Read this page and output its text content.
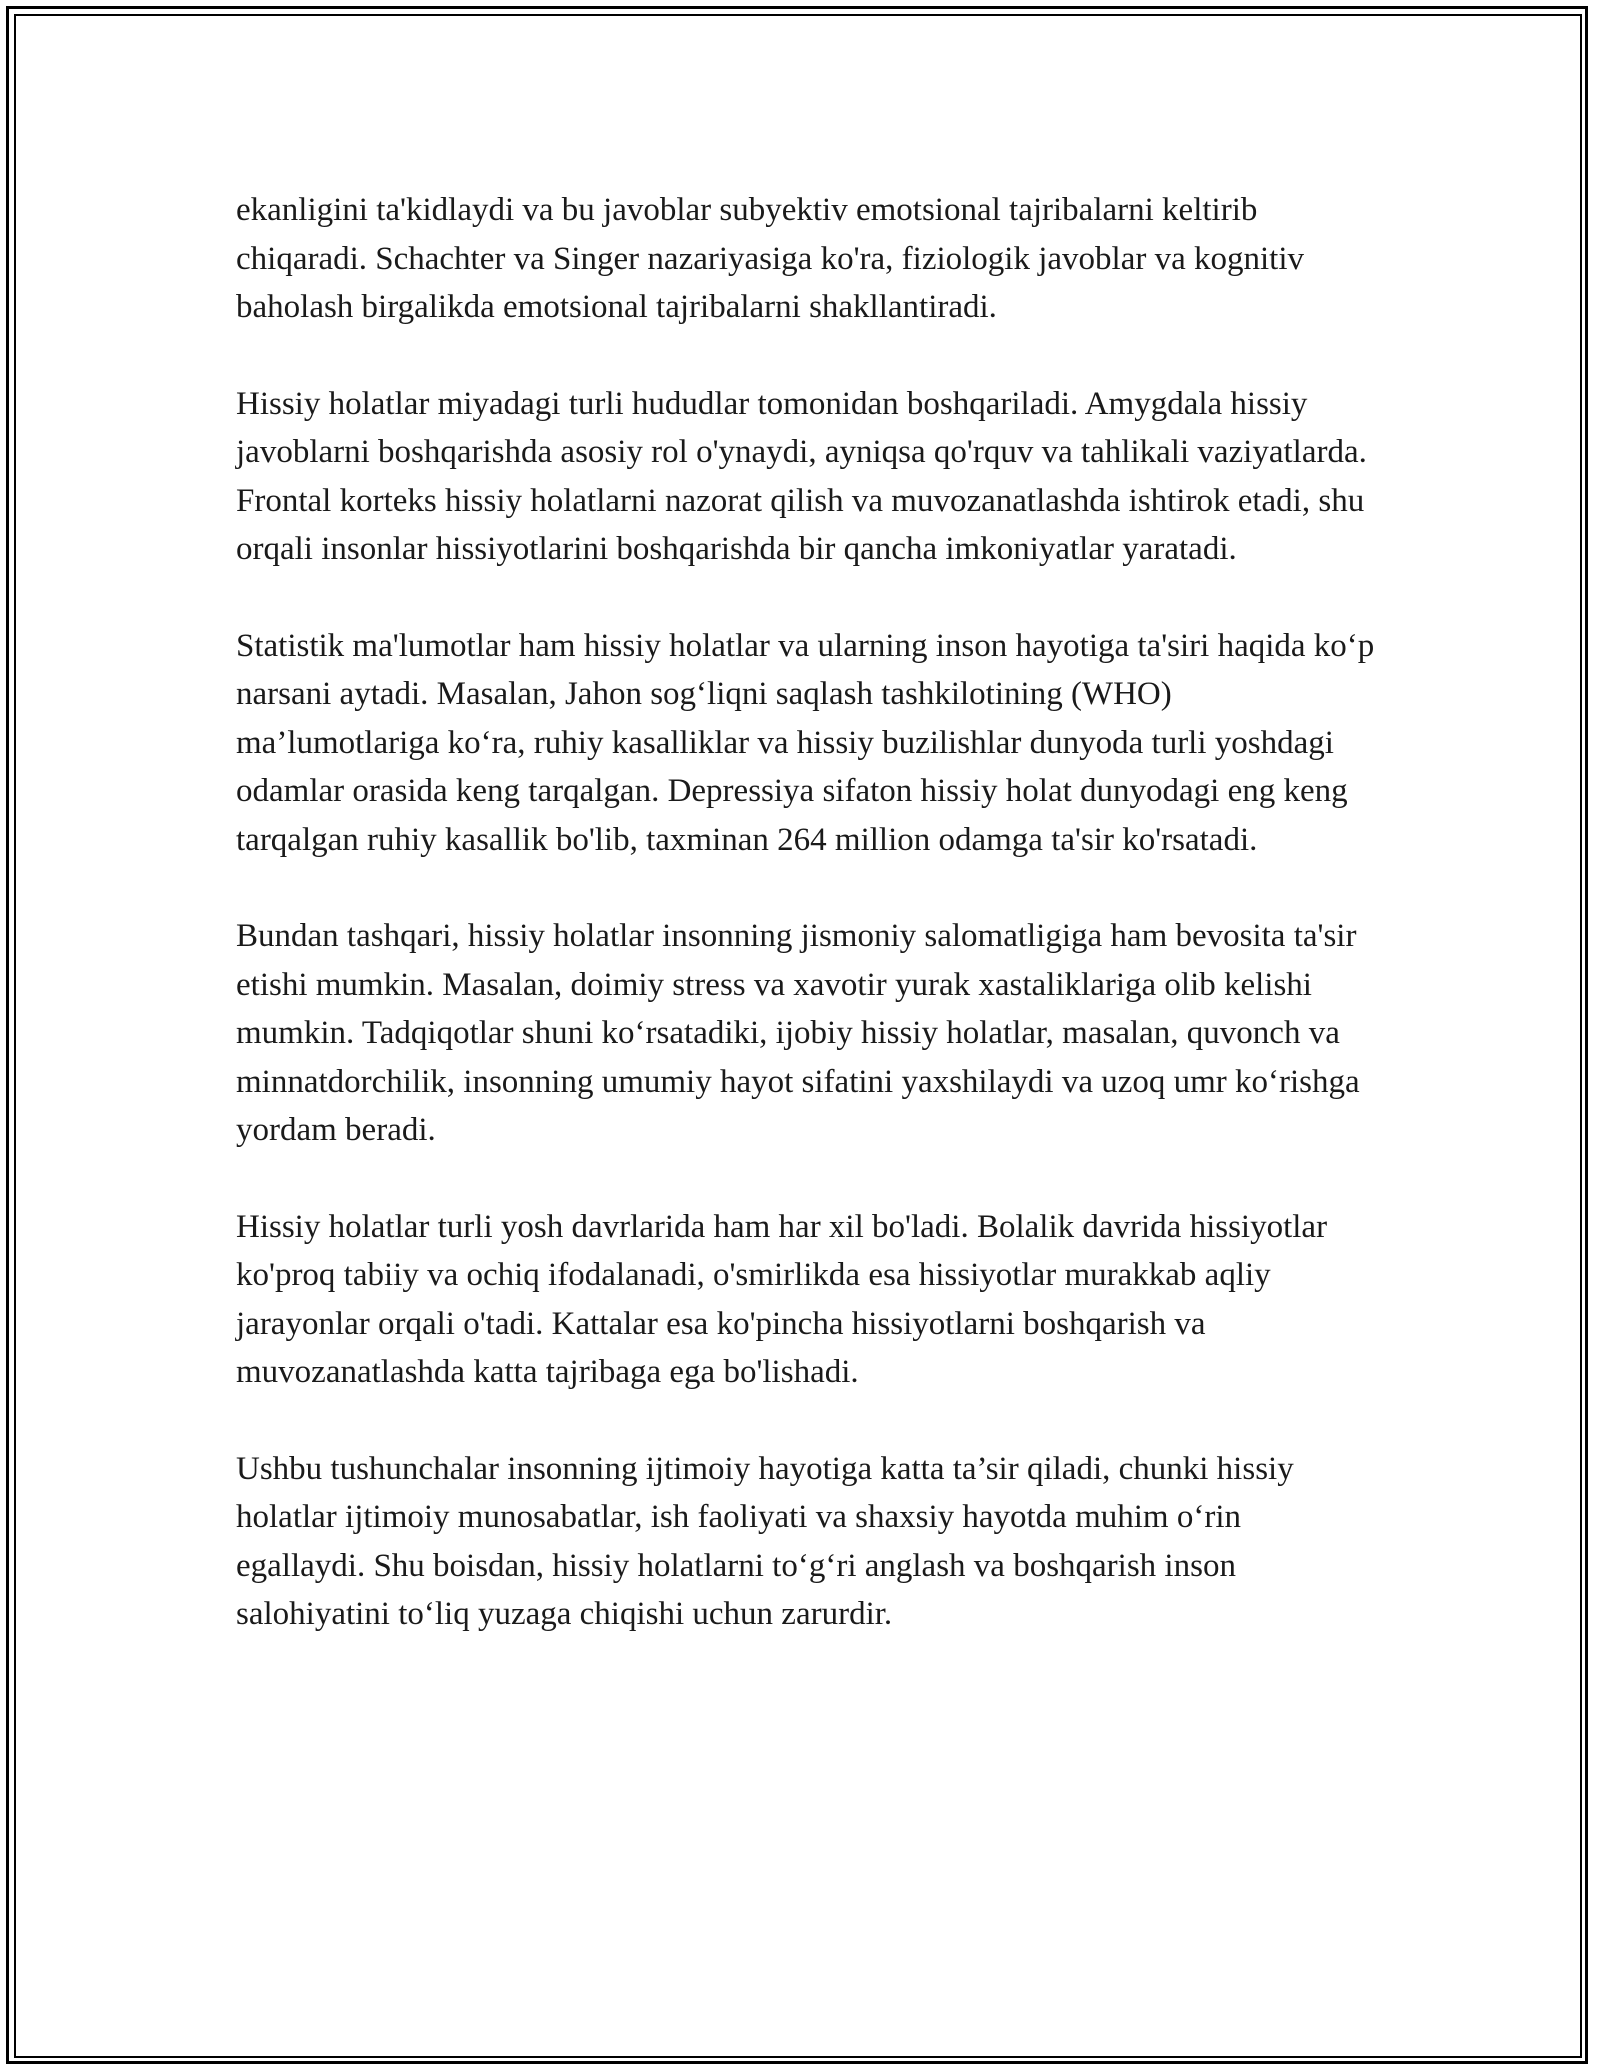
ekanligini ta'kidlaydi va bu javoblar subyektiv emotsional tajribalarni keltirib chiqaradi. Schachter va Singer nazariyasiga ko'ra, fiziologik javoblar va kognitiv baholash birgalikda emotsional tajribalarni shakllantiradi.

Hissiy holatlar miyadagi turli hududlar tomonidan boshqariladi. Amygdala hissiy javoblarni boshqarishda asosiy rol o'ynaydi, ayniqsa qo'rquv va tahlikali vaziyatlarda. Frontal korteks hissiy holatlarni nazorat qilish va muvozanatlashda ishtirok etadi, shu orqali insonlar hissiyotlarini boshqarishda bir qancha imkoniyatlar yaratadi.

Statistik ma'lumotlar ham hissiy holatlar va ularning inson hayotiga ta'siri haqida ko‘p narsani aytadi. Masalan, Jahon sog‘liqni saqlash tashkilotining (WHO) ma’lumotlariga ko‘ra, ruhiy kasalliklar va hissiy buzilishlar dunyoda turli yoshdagi odamlar orasida keng tarqalgan. Depressiya sifaton hissiy holat dunyodagi eng keng tarqalgan ruhiy kasallik bo'lib, taxminan 264 million odamga ta'sir ko'rsatadi.

Bundan tashqari, hissiy holatlar insonning jismoniy salomatligiga ham bevosita ta'sir etishi mumkin. Masalan, doimiy stress va xavotir yurak xastaliklariga olib kelishi mumkin. Tadqiqotlar shuni ko‘rsatadiki, ijobiy hissiy holatlar, masalan, quvonch va minnatdorchilik, insonning umumiy hayot sifatini yaxshilaydi va uzoq umr ko‘rishga yordam beradi.

Hissiy holatlar turli yosh davrlarida ham har xil bo'ladi. Bolalik davrida hissiyotlar ko'proq tabiiy va ochiq ifodalanadi, o'smirlikda esa hissiyotlar murakkab aqliy jarayonlar orqali o'tadi. Kattalar esa ko'pincha hissiyotlarni boshqarish va muvozanatlashda katta tajribaga ega bo'lishadi.

Ushbu tushunchalar insonning ijtimoiy hayotiga katta ta’sir qiladi, chunki hissiy holatlar ijtimoiy munosabatlar, ish faoliyati va shaxsiy hayotda muhim o‘rin egallaydi. Shu boisdan, hissiy holatlarni to‘g‘ri anglash va boshqarish inson salohiyatini to‘liq yuzaga chiqishi uchun zarurdir.
